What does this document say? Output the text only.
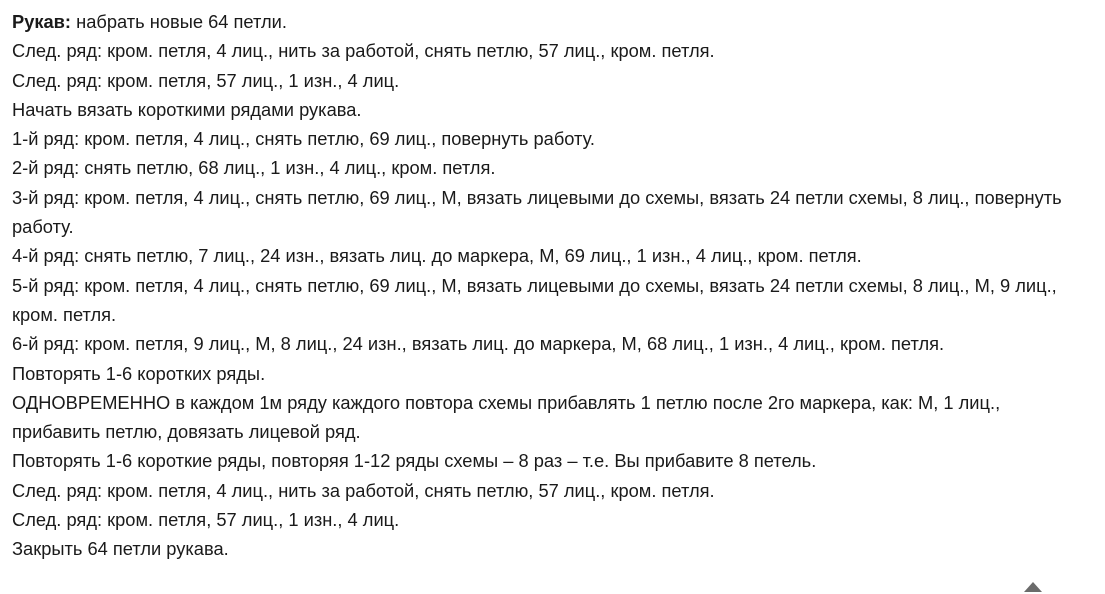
Рукав: набрать новые 64 петли.

След. ряд: кром. петля, 4 лиц., нить за работой, снять петлю, 57 лиц., кром. петля.

След. ряд: кром. петля, 57 лиц., 1 изн., 4 лиц.

Начать вязать короткими рядами рукава.

1-й ряд: кром. петля, 4 лиц., снять петлю, 69 лиц., повернуть работу.

2-й ряд: снять петлю, 68 лиц., 1 изн., 4 лиц., кром. петля.

3-й ряд: кром. петля, 4 лиц., снять петлю, 69 лиц., М, вязать лицевыми до схемы, вязать 24 петли схемы, 8 лиц., повернуть работу.

4-й ряд: снять петлю, 7 лиц., 24 изн., вязать лиц. до маркера, М, 69 лиц., 1 изн., 4 лиц., кром. петля.

5-й ряд: кром. петля, 4 лиц., снять петлю, 69 лиц., М, вязать лицевыми до схемы, вязать 24 петли схемы, 8 лиц., М, 9 лиц., кром. петля.

6-й ряд: кром. петля, 9 лиц., М, 8 лиц., 24 изн., вязать лиц. до маркера, М, 68 лиц., 1 изн., 4 лиц., кром. петля.

Повторять 1-6 коротких ряды.

ОДНОВРЕМЕННО в каждом 1м ряду каждого повтора схемы прибавлять 1 петлю после 2го маркера, как: М, 1 лиц., прибавить петлю, довязать лицевой ряд.

Повторять 1-6 короткие ряды, повторяя 1-12 ряды схемы – 8 раз – т.е. Вы прибавите 8 петель.

След. ряд: кром. петля, 4 лиц., нить за работой, снять петлю, 57 лиц., кром. петля.

След. ряд: кром. петля, 57 лиц., 1 изн., 4 лиц.

Закрыть 64 петли рукава.
